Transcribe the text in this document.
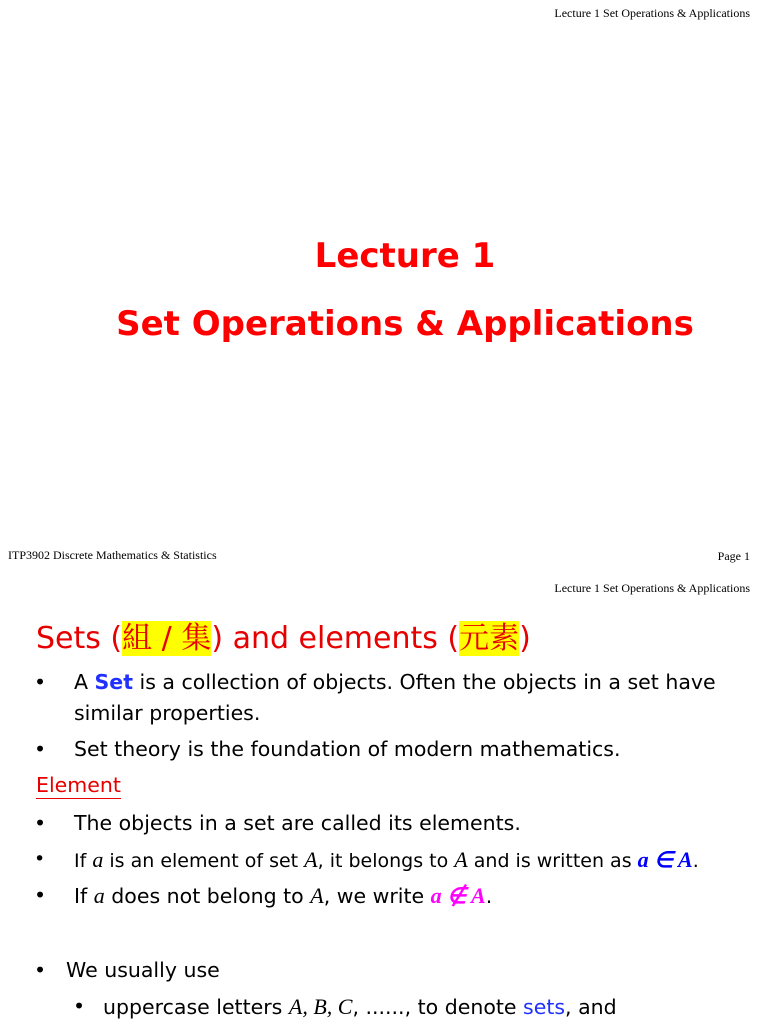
Lecture 1 Set Operations & Applications
Lecture 1
Set Operations & Applications
ITP3902 Discrete Mathematics & Statistics	Page 1
Lecture 1 Set Operations & Applications
Sets (組 / 集) and elements (元素)
• A Set is a collection of objects. Often the objects in a set have
similar properties.
• Set theory is the foundation of modern mathematics.
Element
• The objects in a set are called its elements.
• If a is an element of set A, it belongs to A and is written as a ∈ A.
• If a does not belong to A, we write a ∉ A.
• We usually use
• uppercase letters A, B, C, ......, to denote sets, and
